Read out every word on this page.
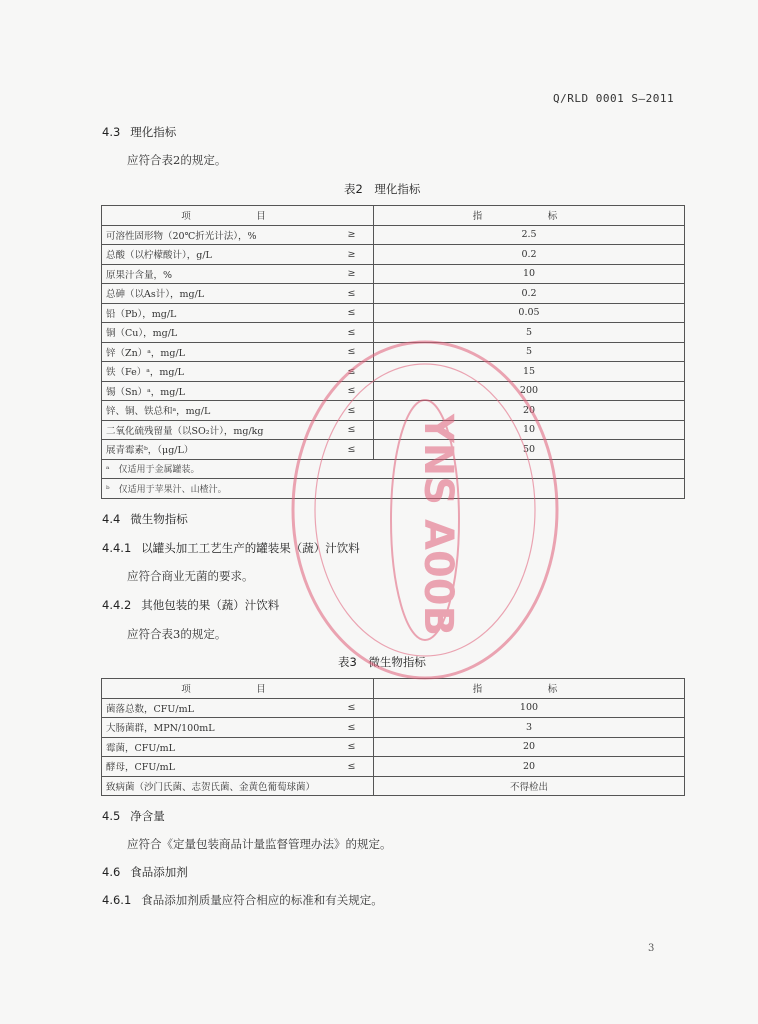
Q/RLD 0001 S—2011
4.3 理化指标
应符合表2的规定。
表2　理化指标
项　目		指　标
可溶性固形物（20℃折光计法），%	≥	2.5
总酸（以柠檬酸计），g/L	≥	0.2
原果汁含量，%	≥	10
总砷（以As计），mg/L	≤	0.2
铅（Pb），mg/L	≤	0.05
铜（Cu），mg/L	≤	5
锌（Zn）ᵃ，mg/L	≤	5
铁（Fe）ᵃ，mg/L	≤	15
锡（Sn）ᵃ，mg/L	≤	200
锌、铜、铁总和ᵃ，mg/L	≤	20
二氧化硫残留量（以SO₂计），mg/kg	≤	10
展青霉素ᵇ，（μg/L）	≤	50
ᵃ　仅适用于金属罐装。		
ᵇ　仅适用于苹果汁、山楂汁。		
4.4 微生物指标
4.4.1 以罐头加工工艺生产的罐装果（蔬）汁饮料
应符合商业无菌的要求。
4.4.2 其他包装的果（蔬）汁饮料
应符合表3的规定。
表3　微生物指标
项　目		指　标
菌落总数，CFU/mL	≤	100
大肠菌群，MPN/100mL	≤	3
霉菌，CFU/mL	≤	20
酵母，CFU/mL	≤	20
致病菌（沙门氏菌、志贺氏菌、金黄色葡萄球菌）		不得检出
4.5 净含量
应符合《定量包装商品计量监督管理办法》的规定。
4.6 食品添加剂
4.6.1 食品添加剂质量应符合相应的标准和有关规定。
3
YNS A00B
